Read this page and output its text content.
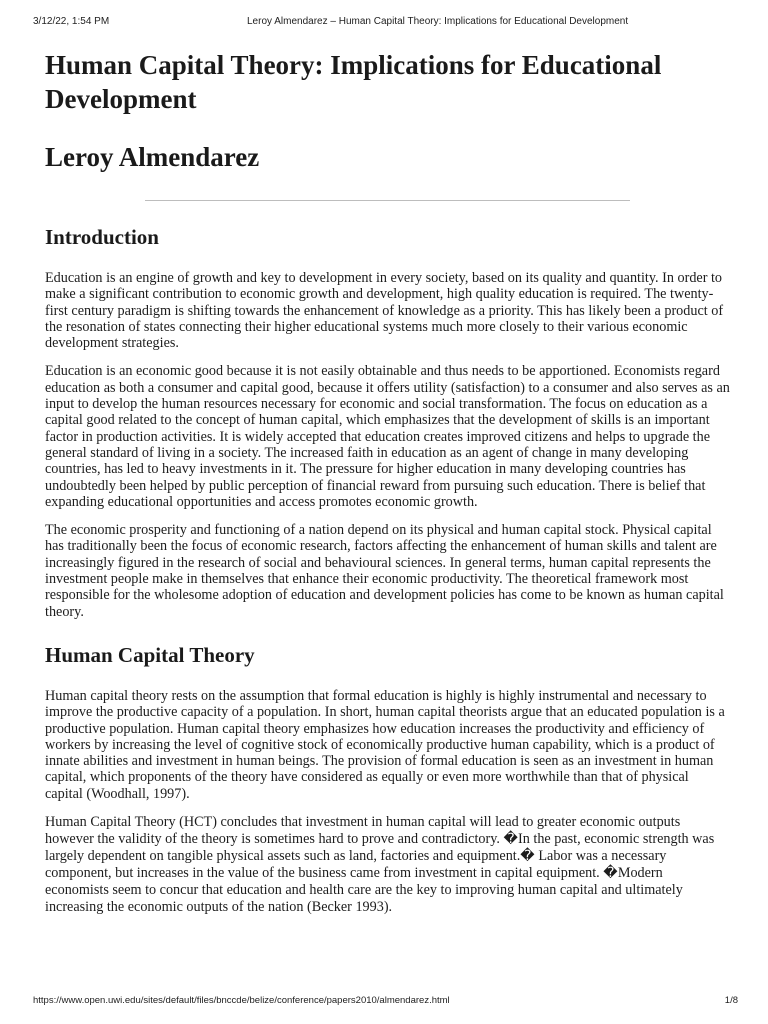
3/12/22, 1:54 PM	Leroy Almendarez – Human Capital Theory: Implications for Educational Development
Human Capital Theory: Implications for Educational Development
Leroy Almendarez
Introduction

Education is an engine of growth and key to development in every society, based on its quality and quantity. In order to make a significant contribution to economic growth and development, high quality education is required. The twenty-first century paradigm is shifting towards the enhancement of knowledge as a priority. This has likely been a product of the resonation of states connecting their higher educational systems much more closely to their various economic development strategies.

Education is an economic good because it is not easily obtainable and thus needs to be apportioned. Economists regard education as both a consumer and capital good, because it offers utility (satisfaction) to a consumer and also serves as an input to develop the human resources necessary for economic and social transformation. The focus on education as a capital good related to the concept of human capital, which emphasizes that the development of skills is an important factor in production activities. It is widely accepted that education creates improved citizens and helps to upgrade the general standard of living in a society. The increased faith in education as an agent of change in many developing countries, has led to heavy investments in it. The pressure for higher education in many developing countries has undoubtedly been helped by public perception of financial reward from pursuing such education. There is belief that expanding educational opportunities and access promotes economic growth.

The economic prosperity and functioning of a nation depend on its physical and human capital stock. Physical capital has traditionally been the focus of economic research, factors affecting the enhancement of human skills and talent are increasingly figured in the research of social and behavioural sciences. In general terms, human capital represents the investment people make in themselves that enhance their economic productivity. The theoretical framework most responsible for the wholesome adoption of education and development policies has come to be known as human capital theory.

Human Capital Theory

Human capital theory rests on the assumption that formal education is highly is highly instrumental and necessary to improve the productive capacity of a population. In short, human capital theorists argue that an educated population is a productive population. Human capital theory emphasizes how education increases the productivity and efficiency of workers by increasing the level of cognitive stock of economically productive human capability, which is a product of innate abilities and investment in human beings. The provision of formal education is seen as an investment in human capital, which proponents of the theory have considered as equally or even more worthwhile than that of physical capital (Woodhall, 1997).

Human Capital Theory (HCT) concludes that investment in human capital will lead to greater economic outputs however the validity of the theory is sometimes hard to prove and contradictory. �In the past, economic strength was largely dependent on tangible physical assets such as land, factories and equipment.� Labor was a necessary component, but increases in the value of the business came from investment in capital equipment. �Modern economists seem to concur that education and health care are the key to improving human capital and ultimately increasing the economic outputs of the nation (Becker 1993).

https://www.open.uwi.edu/sites/default/files/bnccde/belize/conference/papers2010/almendarez.html	1/8
